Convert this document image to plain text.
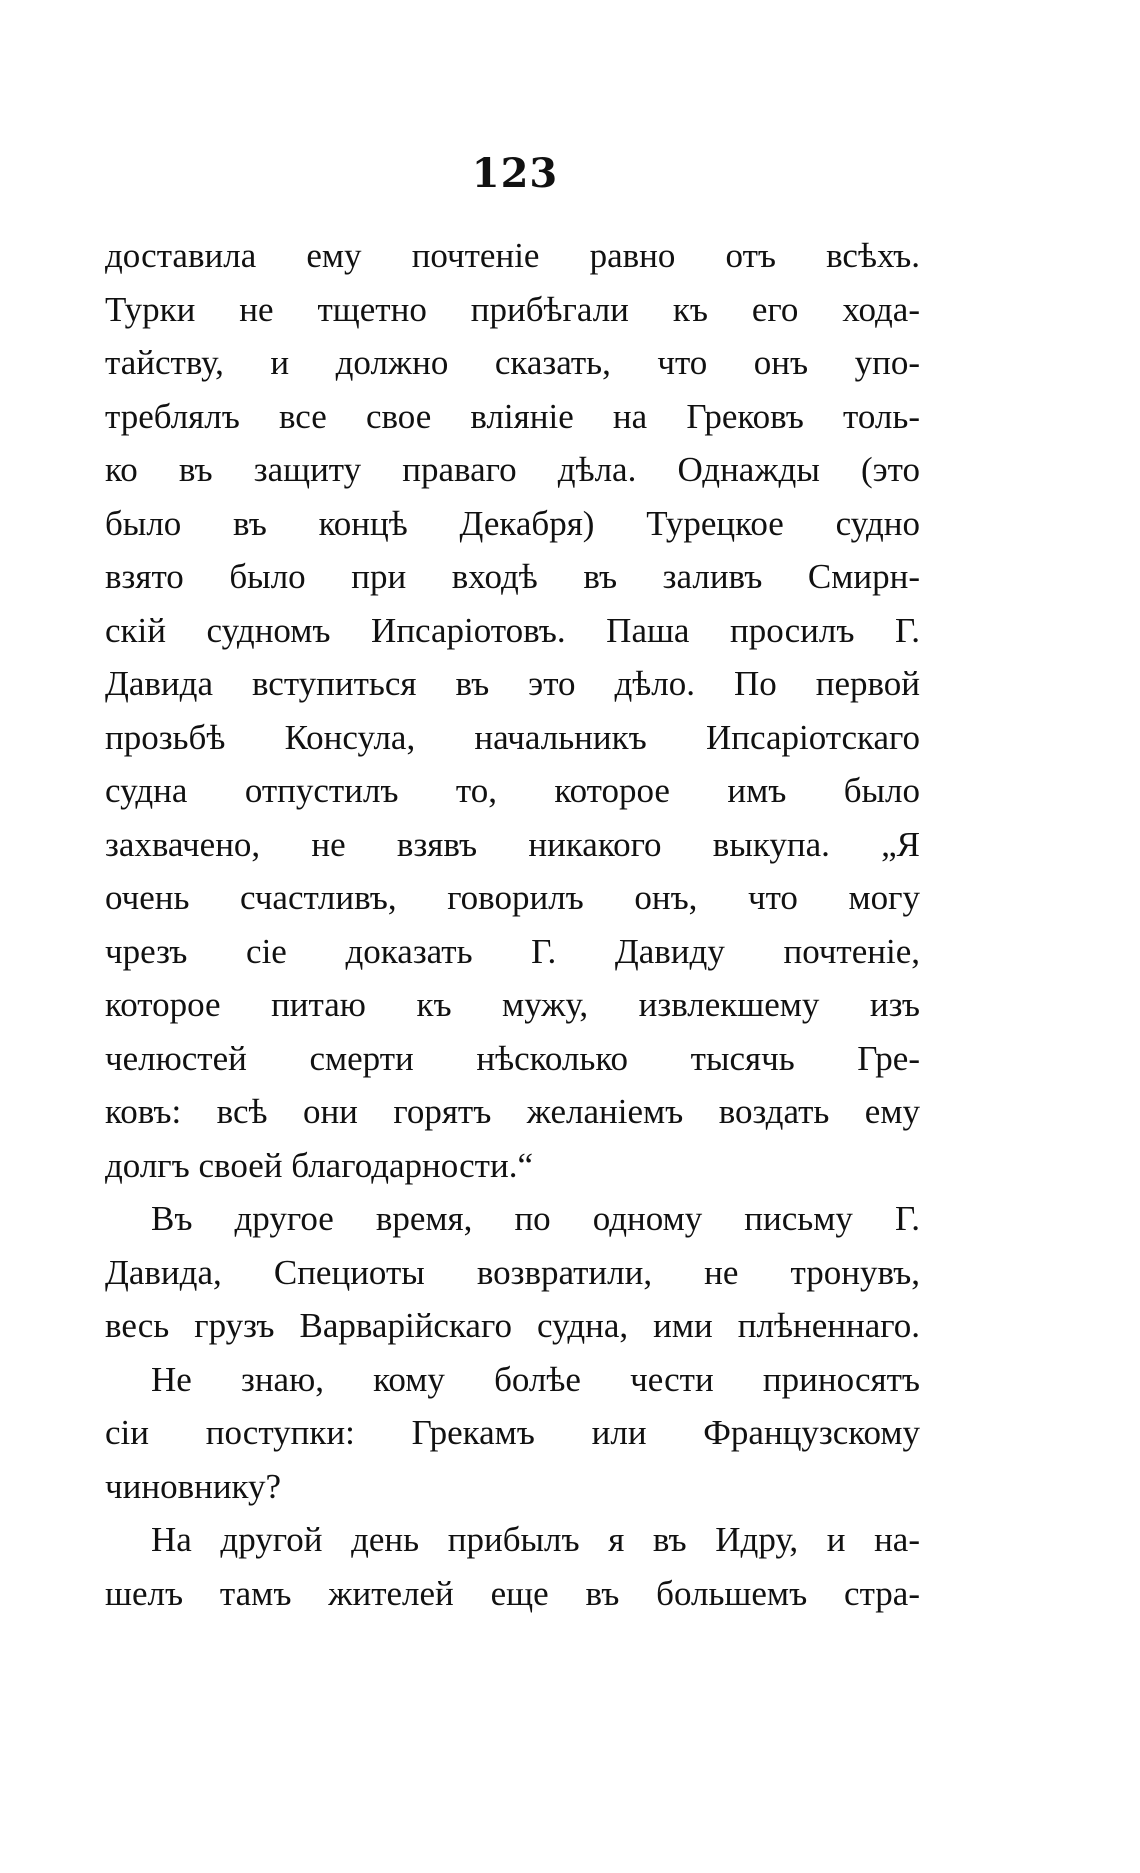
123
доставила ему почтеніе равно отъ всѣхъ.
Турки не тщетно прибѣгали къ его хода-
тайству, и должно сказать, что онъ упо-
треблялъ все свое вліяніе на Грековъ толь-
ко въ защиту праваго дѣла. Однажды (это
было въ концѣ Декабря) Турецкое судно
взято было при входѣ въ заливъ Смирн-
скій судномъ Ипсаріотовъ. Паша просилъ Г.
Давида вступиться въ это дѣло. По первой
прозьбѣ Консула, начальникъ Ипсаріотскаго
судна отпустилъ то, которое имъ было
захвачено, не взявъ никакого выкупа. „Я
очень счастливъ, говорилъ онъ, что могу
чрезъ сіе доказать Г. Давиду почтеніе,
которое питаю къ мужу, извлекшему изъ
челюстей смерти нѣсколько тысячь Гре-
ковъ: всѣ они горятъ желаніемъ воздать ему
долгъ своей благодарности.“
Въ другое время, по одному письму Г.
Давида, Специоты возвратили, не тронувъ,
весь грузъ Варварійскаго судна, ими плѣненнаго.
Не знаю, кому болѣе чести приносятъ
сіи поступки: Грекамъ или Французскому
чиновнику?
На другой день прибылъ я въ Идру, и на-
шелъ тамъ жителей еще въ большемъ стра-
